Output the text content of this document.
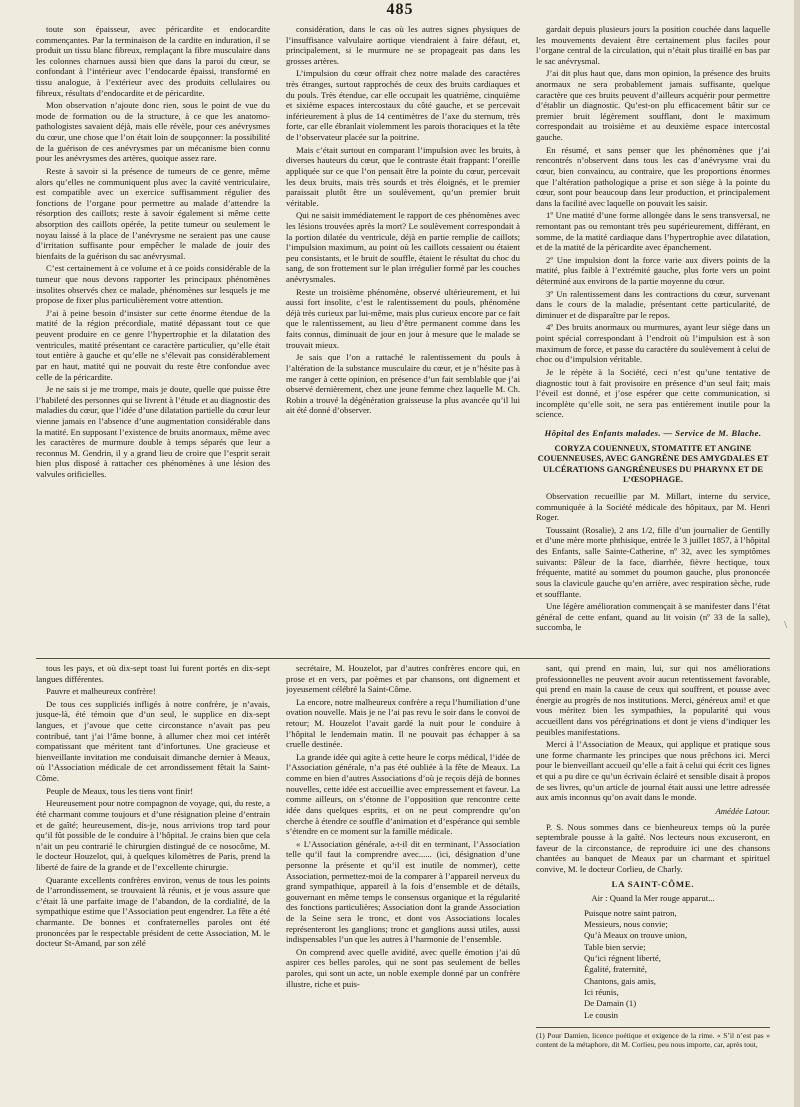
485

toute son épaisseur, avec péricardite et endocardite commençantes. Par la terminaison de la cardite en induration, il se produit un tissu blanc fibreux, remplaçant la fibre musculaire dans les colonnes charnues aussi bien que dans la paroi du cœur, se confondant à l’intérieur avec l’endocarde épaissi, transformé en tissu analogue, à l’extérieur avec des produits cellulaires ou fibreux, résultats d’endocardite et de péricardite.

Mon observation n’ajoute donc rien, sous le point de vue du mode de formation ou de la structure, à ce que les anatomo-pathologistes savaient déjà, mais elle révèle, pour ces anévrysmes du cœur, une chose que l’on était loin de soupçonner: la possibilité de la guérison de ces anévrysmes par un mécanisme bien connu pour les anévrysmes des artères, quoique assez rare.

Reste à savoir si la présence de tumeurs de ce genre, même alors qu’elles ne communiquent plus avec la cavité ventriculaire, est compatible avec un exercice suffisamment régulier des fonctions de l’organe pour permettre au malade d’attendre la résorption des caillots; reste à savoir également si même cette absorption des caillots opérée, la petite tumeur ou seulement le noyau laissé à la place de l’anévrysme ne seraient pas une cause d’irritation suffisante pour empêcher le malade de jouir des bienfaits de la guérison du sac anévrysmal.

C’est certainement à ce volume et à ce poids considérable de la tumeur que nous devons rapporter les principaux phénomènes insolites observés chez ce malade, phénomènes sur lesquels je me propose de fixer plus particulièrement votre attention.

J’ai à peine besoin d’insister sur cette énorme étendue de la matité de la région précordiale, matité dépassant tout ce que peuvent produire en ce genre l’hypertrophie et la dilatation des ventricules, matité présentant ce caractère particulier, qu’elle était tout entière à gauche et qu’elle ne s’élevait pas considérablement par en haut, matité qui ne pouvait du reste être confondue avec celle de la péricardite.

Je ne sais si je me trompe, mais je doute, quelle que puisse être l’habileté des personnes qui se livrent à l’étude et au diagnostic des maladies du cœur, que l’idée d’une dilatation partielle du cœur leur vienne jamais en l’absence d’une augmentation considérable dans la matité. En supposant l’existence de bruits anormaux, même avec les caractères de murmure double à temps séparés que leur a reconnus M. Gendrin, il y a grand lieu de croire que l’esprit serait bien plus disposé à rattacher ces phénomènes à une lésion des valvules orificielles.

considération, dans le cas où les autres signes physiques de l’insuffisance valvulaire aortique viendraient à faire défaut, et, principalement, si le murmure ne se propageait pas dans les grosses artères.

L’impulsion du cœur offrait chez notre malade des caractères très étranges, surtout rapprochés de ceux des bruits cardiaques et du pouls. Très étendue, car elle occupait les quatrième, cinquième et sixième espaces intercostaux du côté gauche, et se percevait inférieurement à plus de 14 centimètres de l’axe du sternum, très forte, car elle ébranlait violemment les parois thoraciques et la tête de l’observateur placée sur la poitrine.

Mais c’était surtout en comparant l’impulsion avec les bruits, à diverses hauteurs du cœur, que le contraste était frappant: l’oreille appliquée sur ce que l’on pensait être la pointe du cœur, percevait les deux bruits, mais très sourds et très éloignés, et le premier paraissait plutôt être un soulèvement, qu’un premier bruit véritable.

Qui ne saisit immédiatement le rapport de ces phénomènes avec les lésions trouvées après la mort? Le soulèvement correspondait à la portion dilatée du ventricule, déjà en partie remplie de caillots; l’impulsion maximum, au point où les caillots cessaient ou étaient peu consistants, et le bruit de souffle, étaient le résultat du choc du sang, de son frottement sur le plan irrégulier formé par les couches anévrysmales.

Reste un troisième phénomène, observé ultérieurement, et lui aussi fort insolite, c’est le ralentissement du pouls, phénomène déjà très curieux par lui-même, mais plus curieux encore par ce fait que le ralentissement, au lieu d’être permanent comme dans les faits connus, diminuait de jour en jour à mesure que le malade se trouvait mieux.

Je sais que l’on a rattaché le ralentissement du pouls à l’altération de la substance musculaire du cœur, et je n’hésite pas à me ranger à cette opinion, en présence d’un fait semblable que j’ai observé dernièrement, chez une jeune femme chez laquelle M. Ch. Robin a trouvé la dégénération graisseuse la plus avancée qu’il lui ait été donné d’observer.

gardait depuis plusieurs jours la position couchée dans laquelle les mouvements devaient être certainement plus faciles pour l’organe central de la circulation, qui n’était plus tiraillé en bas par le sac anévrysmal.

J’ai dit plus haut que, dans mon opinion, la présence des bruits anormaux ne sera probablement jamais suffisante, quelque caractère que ces bruits peuvent d’ailleurs acquérir pour permettre d’établir un diagnostic. Qu’est-on plu efficacement bâtir sur ce premier bruit légèrement soufflant, dont le maximum correspondait au troisième et au deuxième espace intercostal gauche.

En résumé, et sans penser que les phénomènes que j’ai rencontrés n’observent dans tous les cas d’anévrysme vrai du cœur, bien convaincu, au contraire, que les proportions énormes que l’altération pathologique a prise et son siège à la pointe du cœur, sont pour beaucoup dans leur production, et principalement dans la facilité avec laquelle on pouvait les saisir.

1º Une matité d’une forme allongée dans le sens transversal, ne remontant pas ou remontant très peu supérieurement, différant, en somme, de la matité cardiaque dans l’hypertrophie avec dilatation, et de la matité de la péricardite avec épanchement.

2º Une impulsion dont la force varie aux divers points de la matité, plus faible à l’extrémité gauche, plus forte vers un point déterminé aux environs de la partie moyenne du cœur.

3º Un ralentissement dans les contractions du cœur, survenant dans le cours de la maladie, présentant cette particularité, de diminuer et de disparaître par le repos.

4º Des bruits anormaux ou murmures, ayant leur siège dans un point spécial correspondant à l’endroit où l’impulsion est à son maximum de force, et passe du caractère du soulèvement à celui de choc ou d’impulsion véritable.

Je le répète à la Société, ceci n’est qu’une tentative de diagnostic tout à fait provisoire en présence d’un seul fait; mais l’éveil est donné, et j’ose espérer que cette communication, si incomplète qu’elle soit, ne sera pas entièrement inutile pour la science.

Hôpital des Enfants malades. — Service de M. Blache.
CORYZA COUENNEUX, STOMATITE ET ANGINE COUENNEUSES, AVEC GANGRÈNE DES AMYGDALES ET ULCÉRATIONS GANGRÉNEUSES DU PHARYNX ET DE L’ŒSOPHAGE.

Observation recueillie par M. Millart, interne du service, communiquée à la Société médicale des hôpitaux, par M. Henri Roger.

Toussaint (Rosalie), 2 ans 1/2, fille d’un journalier de Gentilly et d’une mère morte phthisique, entrée le 3 juillet 1857, à l’hôpital des Enfants, salle Sainte-Catherine, nº 32, avec les symptômes suivants: Pâleur de la face, diarrhée, fièvre hectique, toux fréquente, matité au sommet du poumon gauche, plus prononcée sous la clavicule gauche qu’en arrière, avec respiration sèche, rude et soufflante.

Une légère amélioration commençait à se manifester dans l’état général de cette enfant, quand au lit voisin (nº 33 de la salle), succomba, le

tous les pays, et où dix-sept toast lui furent portés en dix-sept langues différentes.

Pauvre et malheureux confrère!

De tous ces suppliciés infligés à notre confrère, je n’avais, jusque-là, été témoin que d’un seul, le supplice en dix-sept langues, et j’avoue que cette circonstance n’avait pas peu contribué, tant j’ai l’âme bonne, à allumer chez moi cet intérêt compatissant que méritent tant d’infortunes. Une gracieuse et bienveillante invitation me conduisait dimanche dernier à Meaux, où l’Association médicale de cet arrondissement fêtait la Saint-Côme.

Peuple de Meaux, tous les tiens vont finir!

Heureusement pour notre compagnon de voyage, qui, du reste, a été charmant comme toujours et d’une résignation pleine d’entrain et de gaîté; heureusement, dis-je, nous arrivions trop tard pour qu’il fût possible de le conduire à l’hôpital. Je crains bien que cela n’ait un peu contrarié le chirurgien distingué de ce nosocôme, M. le docteur Houzelot, qui, à quelques kilomètres de Paris, prend la liberté de faire de la grande et de l’excellente chirurgie.

Quarante excellents confrères environ, venus de tous les points de l’arrondissement, se trouvaient là réunis, et je vous assure que c’était là une parfaite image de l’abandon, de la cordialité, de la sympathique estime que l’Association peut engendrer. La fête a été charmante. De bonnes et confraternelles paroles ont été prononcées par le respectable président de cette Association, M. le docteur St-Amand, par son zélé

secrétaire, M. Houzelot, par d’autres confrères encore qui, en prose et en vers, par poèmes et par chansons, ont dignement et joyeusement célébré la Saint-Côme.

La encore, notre malheureux confrère a reçu l’humiliation d’une ovation nouvelle. Mais je ne l’ai pas revu le soir dans le convoi de retour; M. Houzelot l’avait gardé la nuit pour le conduire à l’hôpital le lendemain matin. Il ne pouvait pas échapper à sa cruelle destinée.

La grande idée qui agite à cette heure le corps médical, l’idée de l’Association générale, n’a pas été oubliée à la fête de Meaux. La comme en bien d’autres Associations d’où je reçois déjà de bonnes nouvelles, cette idée est accueillie avec empressement et faveur. La comme ailleurs, on s’étonne de l’opposition que rencontre cette idée dans quelques esprits, et on ne peut comprendre qu’on cherche à étendre ce souffle d’animation et d’espérance qui semble s’étendre en ce moment sur la famille médicale.

« L’Association générale, a-t-il dit en terminant, l’Association telle qu’il faut la comprendre avec...... (ici, désignation d’une personne la présente et qu’il est inutile de nommer), cette Association, permettez-moi de la comparer à l’appareil nerveux du grand sympathique, appareil à la fois d’ensemble et de détails, gouvernant en même temps le consensus organique et la régularité des fonctions particulières; Association dont la grande Association de la Seine sera le tronc, et dont vos Associations locales représenteront les ganglions; tronc et ganglions aussi utiles, aussi indispensables l’un que les autres à l’harmonie de l’ensemble.

On comprend avec quelle avidité, avec quelle émotion j’ai dû aspirer ces belles paroles, qui ne sont pas seulement de belles paroles, qui sont un acte, un noble exemple donné par un confrère illustre, riche et puis-

sant, qui prend en main, lui, sur qui nos améliorations professionnelles ne peuvent avoir aucun retentissement favorable, qui prend en main la cause de ceux qui souffrent, et pousse avec énergie au progrès de nos institutions. Merci, généreux ami! et que vous méritez bien les sympathies, la popularité qui vous accueillent dans vos pérégrinations et dont je viens d’indiquer les peuibles manifestations.

Merci à l’Association de Meaux, qui applique et pratique sous une forme charmante les principes que nous prêchons ici. Merci pour le bienveillant accueil qu’elle a fait à celui qui écrit ces lignes et qui a pu dire ce qu’un écrivain éclairé et sensible disait à propos de ses livres, qu’un article de journal était aussi une lettre adressée aux amis inconnus qu’on avait dans le monde.

Amédée Latour.

P. S. Nous sommes dans ce bienheureux temps où la purée septembrale pousse à la gaîté. Nos lecteurs nous excuseront, en faveur de la circonstance, de reproduire ici une des chansons chantées au banquet de Meaux par un charmant et spirituel convive, M. le docteur Corlieu, de Charly.

LA SAINT-CÔME.
Air : Quand la Mer rouge apparut...
Puisque notre saint patron,
Messieurs, nous convie;
Qu’à Meaux on trouve union,
Table bien servie;
Qu’ici régnent liberté,
Égalité, fraternité,
Chantons, gais amis,
Ici réunis,
De Damain (1)
Le cousin
(1) Pour Damien, licence poétique et exigence de la rime. « S’il n’est pas » content de la métaphore, dit M. Corlieu, peu nous importe, car, après tout,
\
